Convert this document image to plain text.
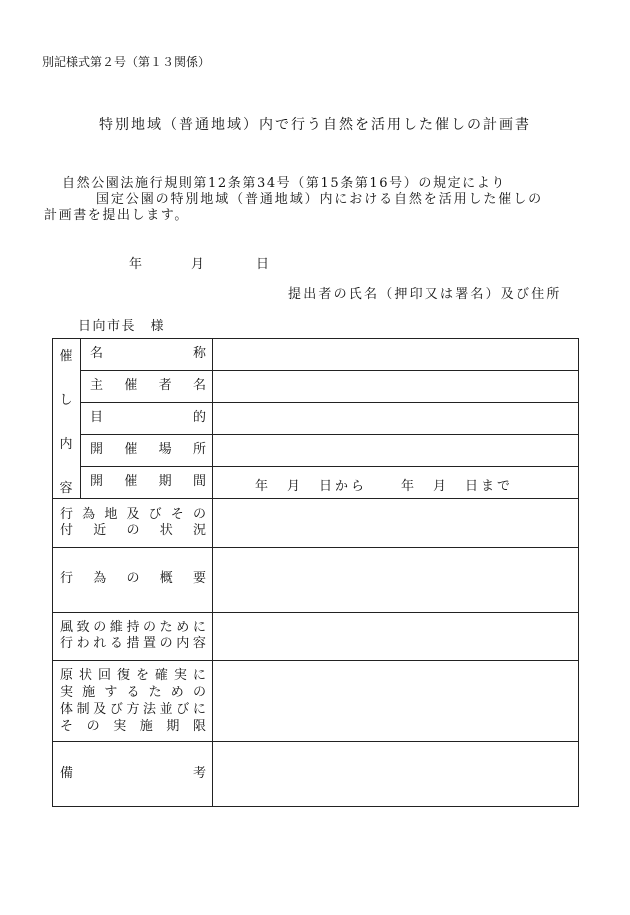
別記様式第２号（第１３関係）
特別地域（普通地域）内で行う自然を活用した催しの計画書
自然公園法施行規則第12条第34号（第15条第16号）の規定により
国定公園の特別地域（普通地域）内における自然を活用した催しの
計画書を提出します。
年	月	日
提出者の氏名（押印又は署名）及び住所
日向市長　様
催
し
内
容
名	称
主 催 者 名
目	的
開 催 場 所
開 催 期 間	年　月　日から	年　月　日まで
行 為 地 及 び そ の
付 近 の 状 況
行 為 の 概 要
風 致 の 維 持 の た め に
行 わ れ る 措 置 の 内 容
原 状 回 復 を 確 実 に
実 施 す る た め の
体 制 及 び 方 法 並 び に
そ の 実 施 期 限
備	考
